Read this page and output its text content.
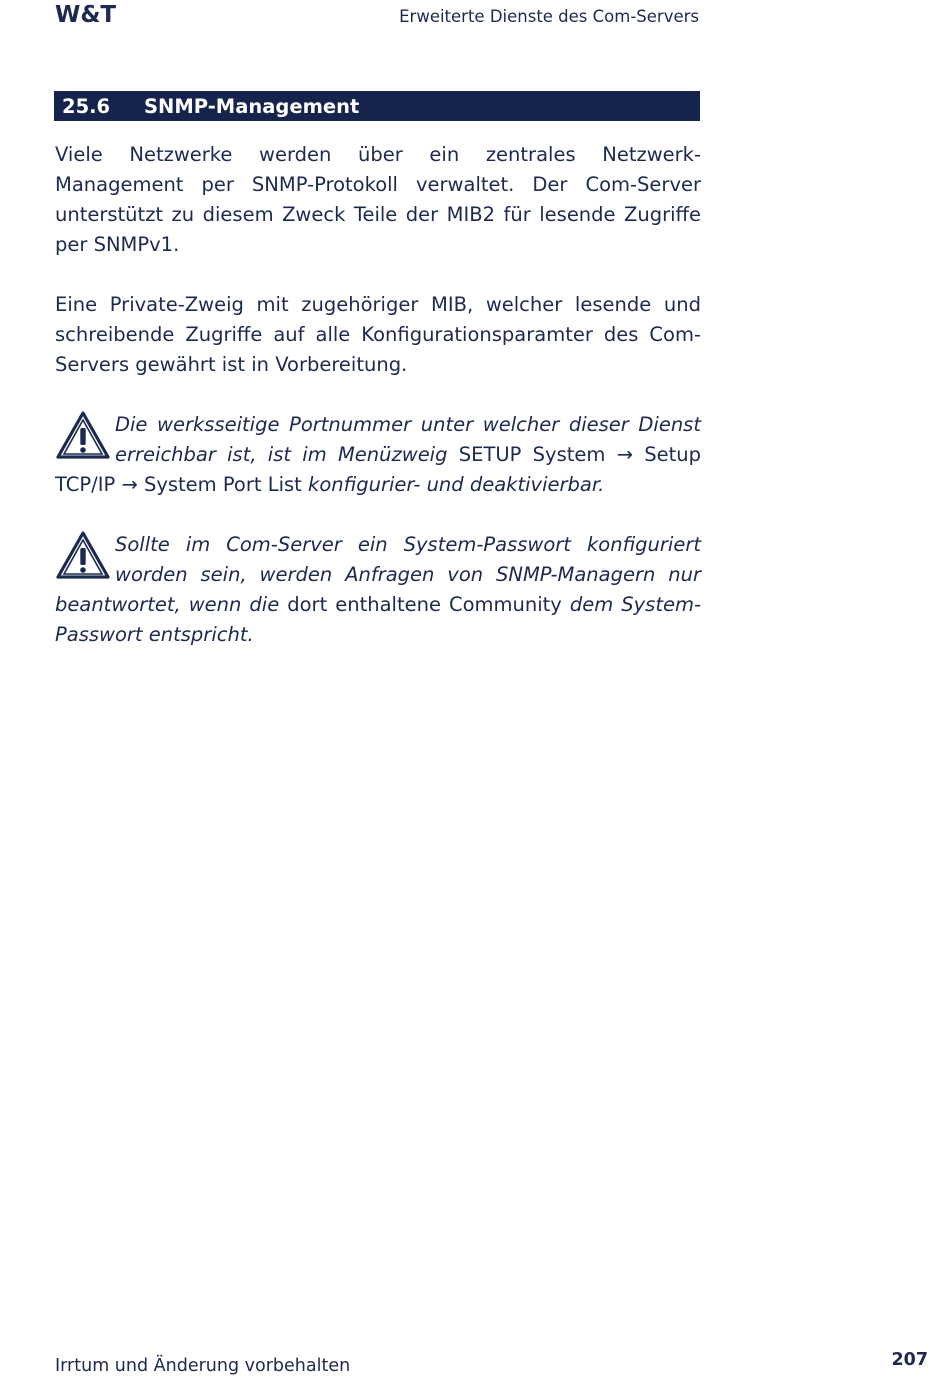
W&T	Erweiterte Dienste des Com-Servers
25.6	SNMP-Management

Viele Netzwerke werden über ein zentrales Netzwerk-Management per SNMP-Protokoll verwaltet. Der Com-Server unterstützt zu diesem Zweck Teile der MIB2 für lesende Zugriffe per SNMPv1.

Eine Private-Zweig mit zugehöriger MIB, welcher lesende und schreibende Zugriffe auf alle Konfigurationsparamter des Com-Servers gewährt ist in Vorbereitung.

Die werksseitige Portnummer unter welcher dieser Dienst erreichbar ist, ist im Menüzweig SETUP System → Setup TCP/IP → System Port List konfigurier- und deaktivierbar.
Sollte im Com-Server ein System-Passwort konfiguriert worden sein, werden Anfragen von SNMP-Managern nur beantwortet, wenn die dort enthaltene Community dem System-Passwort entspricht.
Irrtum und Änderung vorbehalten	207
